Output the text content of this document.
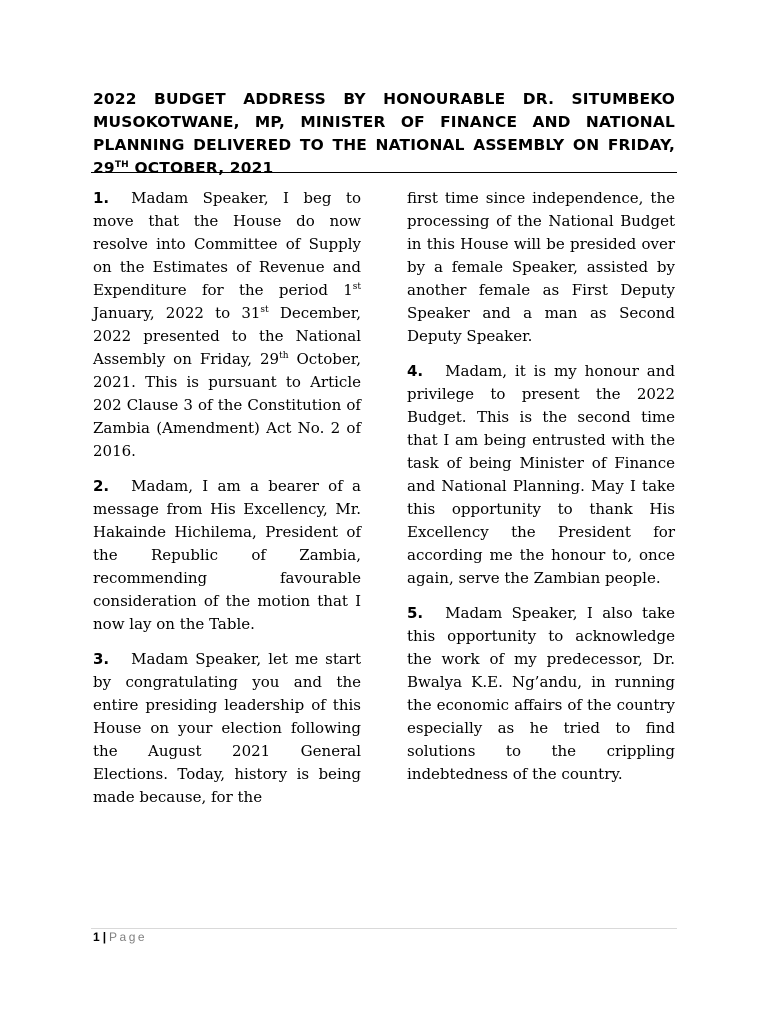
2022 BUDGET ADDRESS BY HONOURABLE DR. SITUMBEKO MUSOKOTWANE, MP, MINISTER OF FINANCE AND NATIONAL PLANNING DELIVERED TO THE NATIONAL ASSEMBLY ON FRIDAY, 29TH OCTOBER, 2021

1. Madam Speaker, I beg to move that the House do now resolve into Committee of Supply on the Estimates of Revenue and Expenditure for the period 1st January, 2022 to 31st December, 2022 presented to the National Assembly on Friday, 29th October, 2021. This is pursuant to Article 202 Clause 3 of the Constitution of Zambia (Amendment) Act No. 2 of 2016.

2. Madam, I am a bearer of a message from His Excellency, Mr. Hakainde Hichilema, President of the Republic of Zambia, recommending favourable consideration of the motion that I now lay on the Table.

3. Madam Speaker, let me start by congratulating you and the entire presiding leadership of this House on your election following the August 2021 General Elections. Today, history is being made because, for the

first time since independence, the processing of the National Budget in this House will be presided over by a female Speaker, assisted by another female as First Deputy Speaker and a man as Second Deputy Speaker.

4. Madam, it is my honour and privilege to present the 2022 Budget. This is the second time that I am being entrusted with the task of being Minister of Finance and National Planning. May I take this opportunity to thank His Excellency the President for according me the honour to, once again, serve the Zambian people.

5. Madam Speaker, I also take this opportunity to acknowledge the work of my predecessor, Dr. Bwalya K.E. Ng’andu, in running the economic affairs of the country especially as he tried to find solutions to the crippling indebtedness of the country.

1 | Page
